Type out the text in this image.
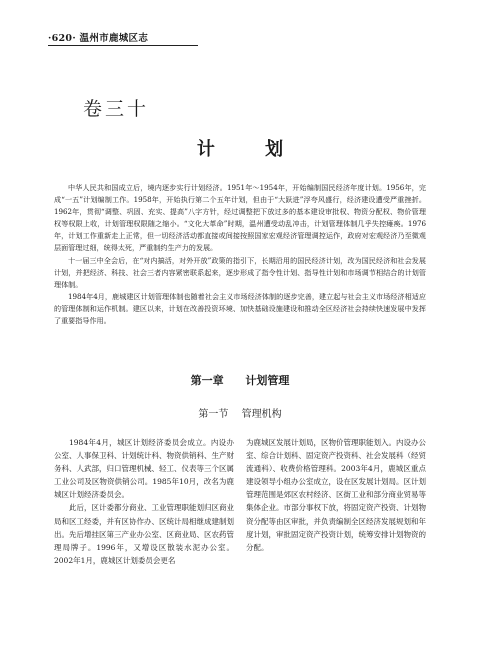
·620· 温州市鹿城区志
卷三十
计 划

中华人民共和国成立后，境内逐步实行计划经济。1951年～1954年，开始编制国民经济年度计划。1956年，完成“一五”计划编制工作。1958年，开始执行第二个五年计划，但由于“大跃进”浮夸风盛行，经济建设遭受严重挫折。1962年，贯彻“调整、巩固、充实、提高”八字方针，经过调整把下放过多的基本建设审批权、物资分配权、物价管理权等权限上收，计划管理权限随之缩小。“文化大革命”时期，温州遭受动乱冲击，计划管理体制几乎失控瘫痪。1976年，计划工作重新走上正常，但一切经济活动都直接或间接按照国家宏观经济管理调控运作，政府对宏观经济乃至微观层面管理过细，统得太死，严重制约生产力的发展。

十一届三中全会后，在“对内搞活，对外开放”政策的指引下，长期沿用的国民经济计划，改为国民经济和社会发展计划，并把经济、科技、社会三者内容紧密联系起来，逐步形成了指令性计划、指导性计划和市场调节相结合的计划管理体制。

1984年4月，鹿城建区计划管理体制也随着社会主义市场经济体制的逐步完善，建立起与社会主义市场经济相适应的管理体制和运作机制。建区以来，计划在改善投资环境、加快基础设施建设和推动全区经济社会持续快速发展中发挥了重要指导作用。

第一章 计划管理
第一节 管理机构

1984年4月，城区计划经济委员会成立。内设办公室、人事保卫科、计划统计科、物资供销科、生产财务科、人武部，归口管理机械、轻工、仪表等三个区属工业公司及区物资供销公司。1985年10月，改名为鹿城区计划经济委员会。

此后，区计委都分商业、工业管理职能划归区商业局和区工经委，并有区协作办、区统计局相继成建制划出。先后增挂区第三产业办公室、区商业局、区农药管理局牌子。1996年，又增设区散装水泥办公室。2002年1月，鹿城区计划委员会更名

为鹿城区发展计划局，区物价管理职能划入。内设办公室、综合计划科、固定资产投资科、社会发展科（经贸流通科）、收费价格管理科。2003年4月，鹿城区重点建设领导小组办公室成立，设在区发展计划局。区计划管理范围是郊区农村经济、区街工业和部分商业贸易等集体企业。市部分事权下放，将固定资产投资、计划物资分配等由区审批，并负责编制全区经济发展规划和年度计划，审批固定资产投资计划，统筹安排计划物资的分配。
